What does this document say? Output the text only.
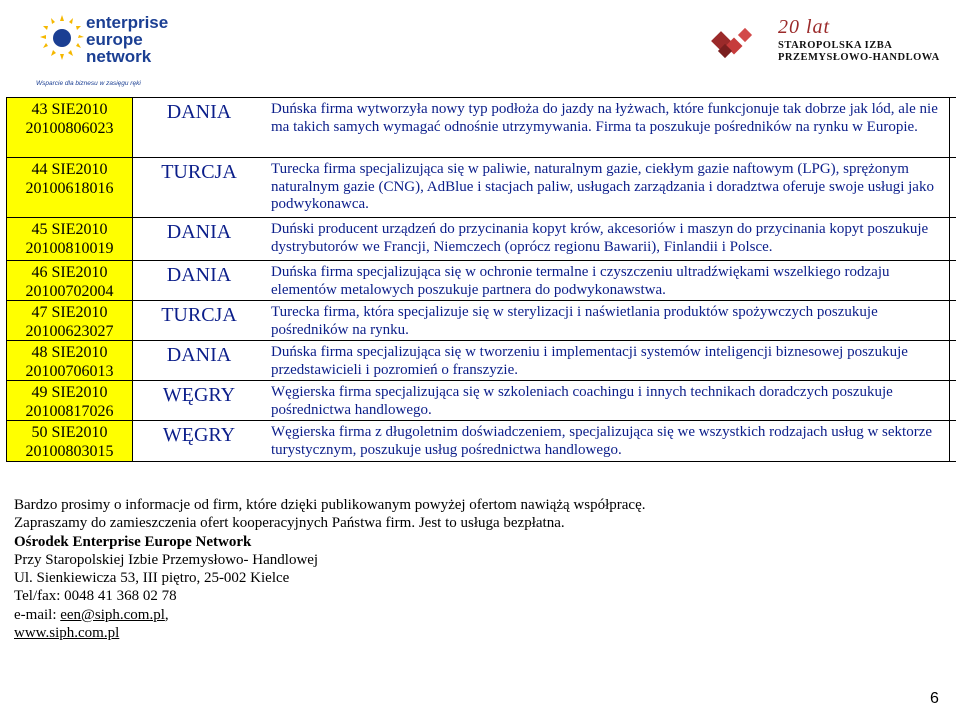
enterprise
europe
network
Wsparcie dla biznesu w zasięgu ręki
20 lat
STAROPOLSKA IZBA
PRZEMYSŁOWO-HANDLOWA
43 SIE2010
20100806023
DANIA	Duńska firma wytworzyła nowy typ podłoża do jazdy na łyżwach, które funkcjonuje tak dobrze jak lód, ale nie ma takich samych wymagać odnośnie utrzymywania. Firma ta poszukuje pośredników na rynku w Europie.
44 SIE2010
20100618016
TURCJA	Turecka firma specjalizująca się w paliwie, naturalnym gazie, ciekłym gazie naftowym (LPG), sprężonym naturalnym gazie (CNG), AdBlue i stacjach paliw, usługach zarządzania i doradztwa oferuje swoje usługi jako podwykonawca.
45 SIE2010
20100810019
DANIA	Duński producent urządzeń do przycinania kopyt krów, akcesoriów i maszyn do przycinania kopyt poszukuje dystrybutorów we Francji, Niemczech (oprócz regionu Bawarii), Finlandii i Polsce.
46 SIE2010
20100702004
DANIA	Duńska firma specjalizująca się w ochronie termalne i czyszczeniu ultradźwiękami wszelkiego rodzaju elementów metalowych poszukuje partnera do podwykonawstwa.
47 SIE2010
20100623027
TURCJA	Turecka firma, która specjalizuje się w sterylizacji i naświetlania produktów spożywczych poszukuje pośredników na rynku.
48 SIE2010
20100706013
DANIA	Duńska firma specjalizująca się w tworzeniu i implementacji systemów inteligencji biznesowej poszukuje przedstawicieli i pozromień o franszyzie.
49 SIE2010
20100817026
WĘGRY	Węgierska firma specjalizująca się w szkoleniach coachingu i innych technikach doradczych poszukuje pośrednictwa handlowego.
50 SIE2010
20100803015
WĘGRY	Węgierska firma z długoletnim doświadczeniem, specjalizująca się we wszystkich rodzajach usług w sektorze turystycznym, poszukuje usług pośrednictwa handlowego.
Bardzo prosimy o informacje od firm, które dzięki publikowanym powyżej ofertom nawiążą współpracę.
Zapraszamy do zamieszczenia ofert kooperacyjnych Państwa firm. Jest to usługa bezpłatna.
Ośrodek Enterprise Europe Network
Przy Staropolskiej Izbie Przemysłowo- Handlowej
Ul. Sienkiewicza 53, III piętro, 25-002 Kielce
Tel/fax: 0048 41 368 02 78
e-mail: een@siph.com.pl,
www.siph.com.pl
6
